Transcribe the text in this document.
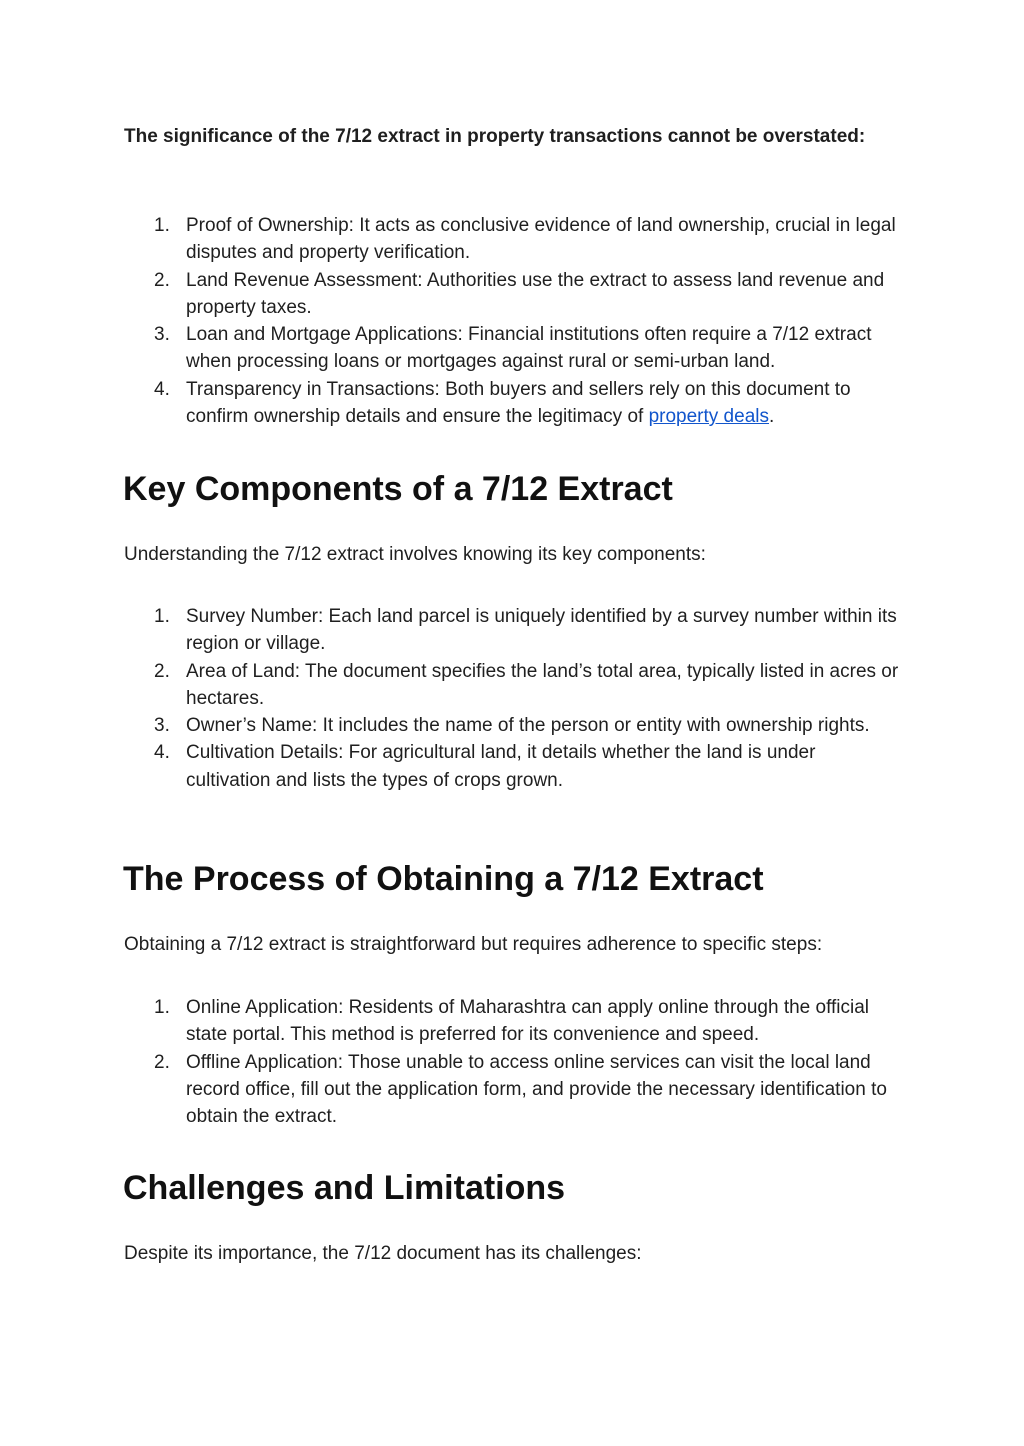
The significance of the 7/12 extract in property transactions cannot be overstated:

1. Proof of Ownership: It acts as conclusive evidence of land ownership, crucial in legal disputes and property verification.
2. Land Revenue Assessment: Authorities use the extract to assess land revenue and property taxes.
3. Loan and Mortgage Applications: Financial institutions often require a 7/12 extract when processing loans or mortgages against rural or semi-urban land.
4. Transparency in Transactions: Both buyers and sellers rely on this document to confirm ownership details and ensure the legitimacy of property deals.
Key Components of a 7/12 Extract

Understanding the 7/12 extract involves knowing its key components:

1. Survey Number: Each land parcel is uniquely identified by a survey number within its region or village.
2. Area of Land: The document specifies the land’s total area, typically listed in acres or hectares.
3. Owner’s Name: It includes the name of the person or entity with ownership rights.
4. Cultivation Details: For agricultural land, it details whether the land is under cultivation and lists the types of crops grown.
The Process of Obtaining a 7/12 Extract

Obtaining a 7/12 extract is straightforward but requires adherence to specific steps:

1. Online Application: Residents of Maharashtra can apply online through the official state portal. This method is preferred for its convenience and speed.
2. Offline Application: Those unable to access online services can visit the local land record office, fill out the application form, and provide the necessary identification to obtain the extract.
Challenges and Limitations

Despite its importance, the 7/12 document has its challenges:
